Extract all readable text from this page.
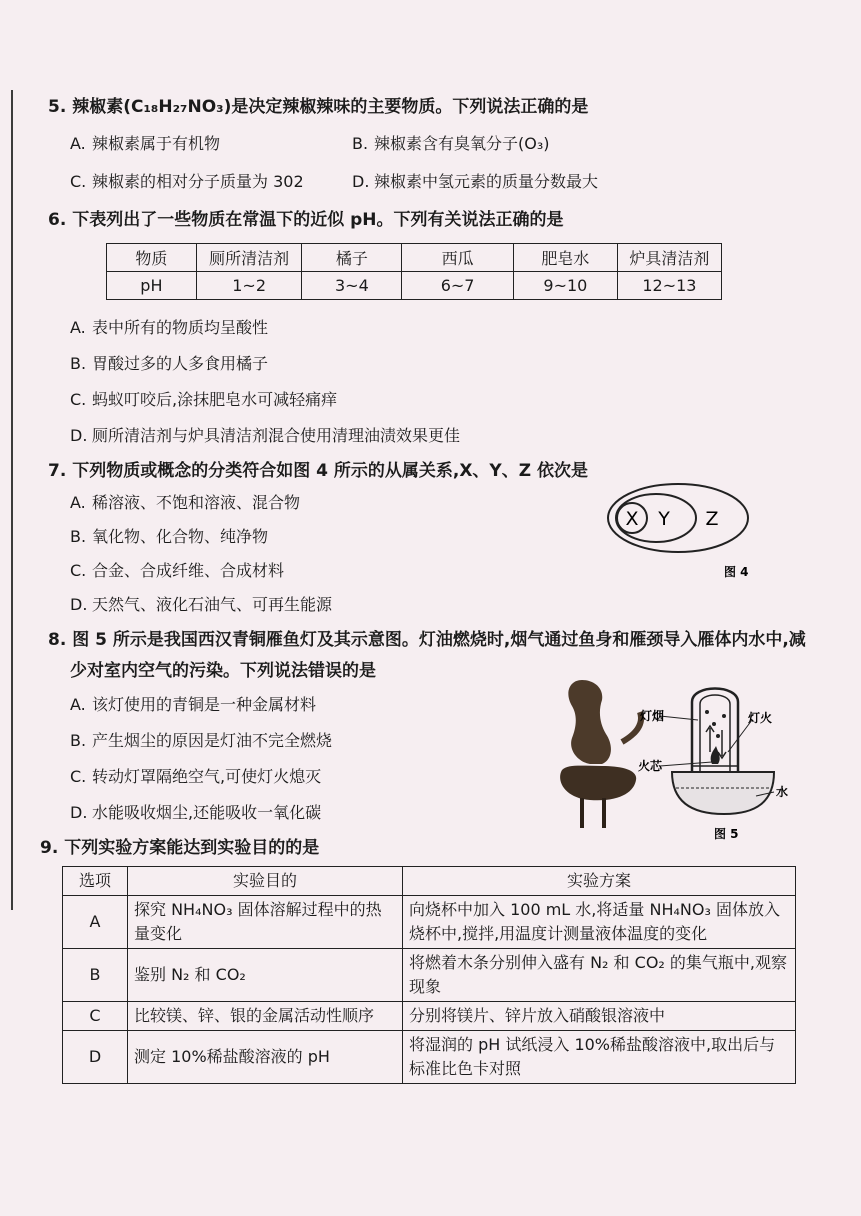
5. 辣椒素(C₁₈H₂₇NO₃)是决定辣椒辣味的主要物质。下列说法正确的是
A. 辣椒素属于有机物	B. 辣椒素含有臭氧分子(O₃)
C. 辣椒素的相对分子质量为 302	D. 辣椒素中氢元素的质量分数最大
6. 下表列出了一些物质在常温下的近似 pH。下列有关说法正确的是
物质	厕所清洁剂	橘子	西瓜	肥皂水	炉具清洁剂
pH	1~2	3~4	6~7	9~10	12~13
A. 表中所有的物质均呈酸性
B. 胃酸过多的人多食用橘子
C. 蚂蚁叮咬后,涂抹肥皂水可减轻痛痒
D. 厕所清洁剂与炉具清洁剂混合使用清理油渍效果更佳
7. 下列物质或概念的分类符合如图 4 所示的从属关系,X、Y、Z 依次是
A. 稀溶液、不饱和溶液、混合物
B. 氧化物、化合物、纯净物
C. 合金、合成纤维、合成材料
D. 天然气、液化石油气、可再生能源
X Y Z
图 4
8. 图 5 所示是我国西汉青铜雁鱼灯及其示意图。灯油燃烧时,烟气通过鱼身和雁颈导入雁体内水中,减
少对室内空气的污染。下列说法错误的是
A. 该灯使用的青铜是一种金属材料
B. 产生烟尘的原因是灯油不完全燃烧
C. 转动灯罩隔绝空气,可使灯火熄灭
D. 水能吸收烟尘,还能吸收一氧化碳
灯烟	灯火
火芯
水
图 5
9. 下列实验方案能达到实验目的的是
选项	实验目的	实验方案
A	探究 NH₄NO₃ 固体溶解过程中的热量变化	向烧杯中加入 100 mL 水,将适量 NH₄NO₃ 固体放入烧杯中,搅拌,用温度计测量液体温度的变化
B	鉴别 N₂ 和 CO₂	将燃着木条分别伸入盛有 N₂ 和 CO₂ 的集气瓶中,观察现象
C	比较镁、锌、银的金属活动性顺序	分别将镁片、锌片放入硝酸银溶液中
D	测定 10%稀盐酸溶液的 pH	将湿润的 pH 试纸浸入 10%稀盐酸溶液中,取出后与标准比色卡对照
